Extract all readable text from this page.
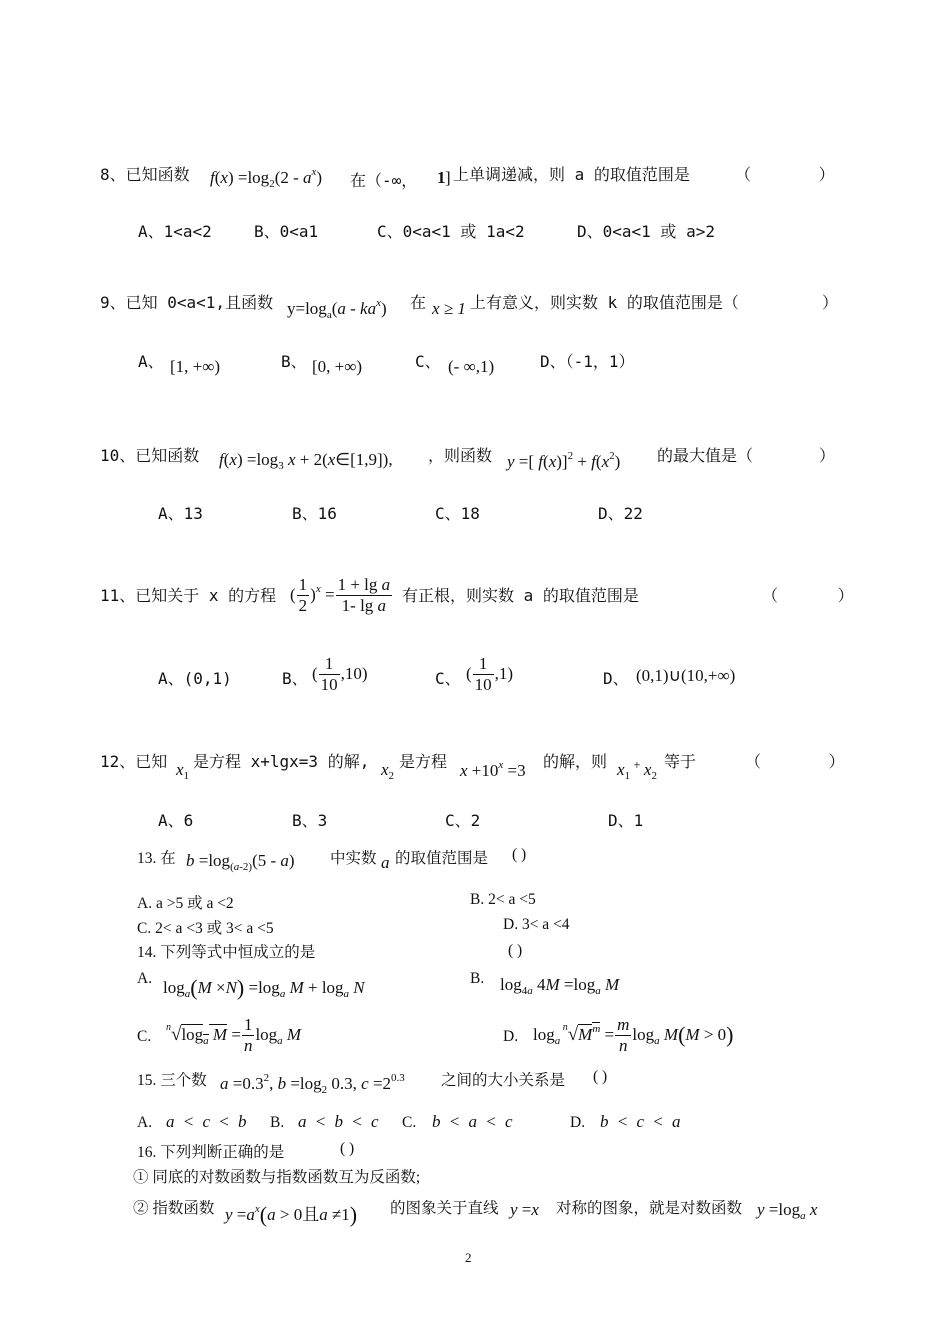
8、已知函数 $f(x) =\log_2(2 - a^x)$ 在（-∞， 1 ] 上单调递减，则 a 的取值范围是	（ ）
A、1<a<2	B、0<a1	C、0<a<1 或 1a<2	D、0<a<1 或 a>2
9、已知 0<a<1,且函数 $y=\log_a(a - ka^x)$ 在 x ≥ 1 上有意义，则实数 k 的取值范围是（	）
A、 [1, +∞)	B、 [0, +∞)	C、 (- ∞,1)	D、（-1，1）
10、已知函数 $f(x) =\log_3$ x + 2(x∈[1,9]), ，则函数 y =[ $f(x)]^2 + f(x^2)$ 的最大值是（	）
A、13	B、16	C、18	D、22
11、已知关于 x 的方程 ( $\frac{1}{2} )^x = \frac{\text{1 + lg a}}{\text{1- lg a}}$ 有正根，则实数 a 的取值范围是	（ ）
A、(0,1)	B、 ( $\frac{1}{10} ,10$)	C、 ( $\frac{1}{10} ,1$)	D、 (0,1)∪(10,+∞)
12、已知 $x_1$
是方程 x+lgx=3 的解, $x_2$
是方程 $x +10^x =3$ 的解，则 $x_1$ + $x_2$
等于	（ ）
A、6	B、3	C、2	D、1
13. 在 $b =\log_{(a-2)}(5 - a)$ 中实数 a 的取值范围是 ( )
A. a >5 或 a <2	B. 2< a <5
C. 2< a <3 或 3< a <5	D. 3< a <4
14. 下列等式中恒成立的是	( )
A. $\log_a(M \times N) =\log_a$ $M + \log_a N$	B. $\log_{4a} 4M =\log_a$ M
C.
$^n√\log_a$ $M = \frac{1}{n} \log_a M$	D. $\log_a ^n√M^m = \frac{m}{n} \log_a M(M > 0)$
15. 三个数 $a =0.3^2$, $b =\log_2$ 0.3, $c =2^{0.3}$ 之间的大小关系是 ( )
A. a < c < b B. a < b < c C. b < a < c	D. b < c < a
16. 下列判断正确的是	( )
① 同底的对数函数与指数函数互为反函数;
② 指数函数 $y =a^x(a > 0$且a ≠1) 的图象关于直线 y =x 对称的图象，就是对数函数 $y =\log_a$ x
2
